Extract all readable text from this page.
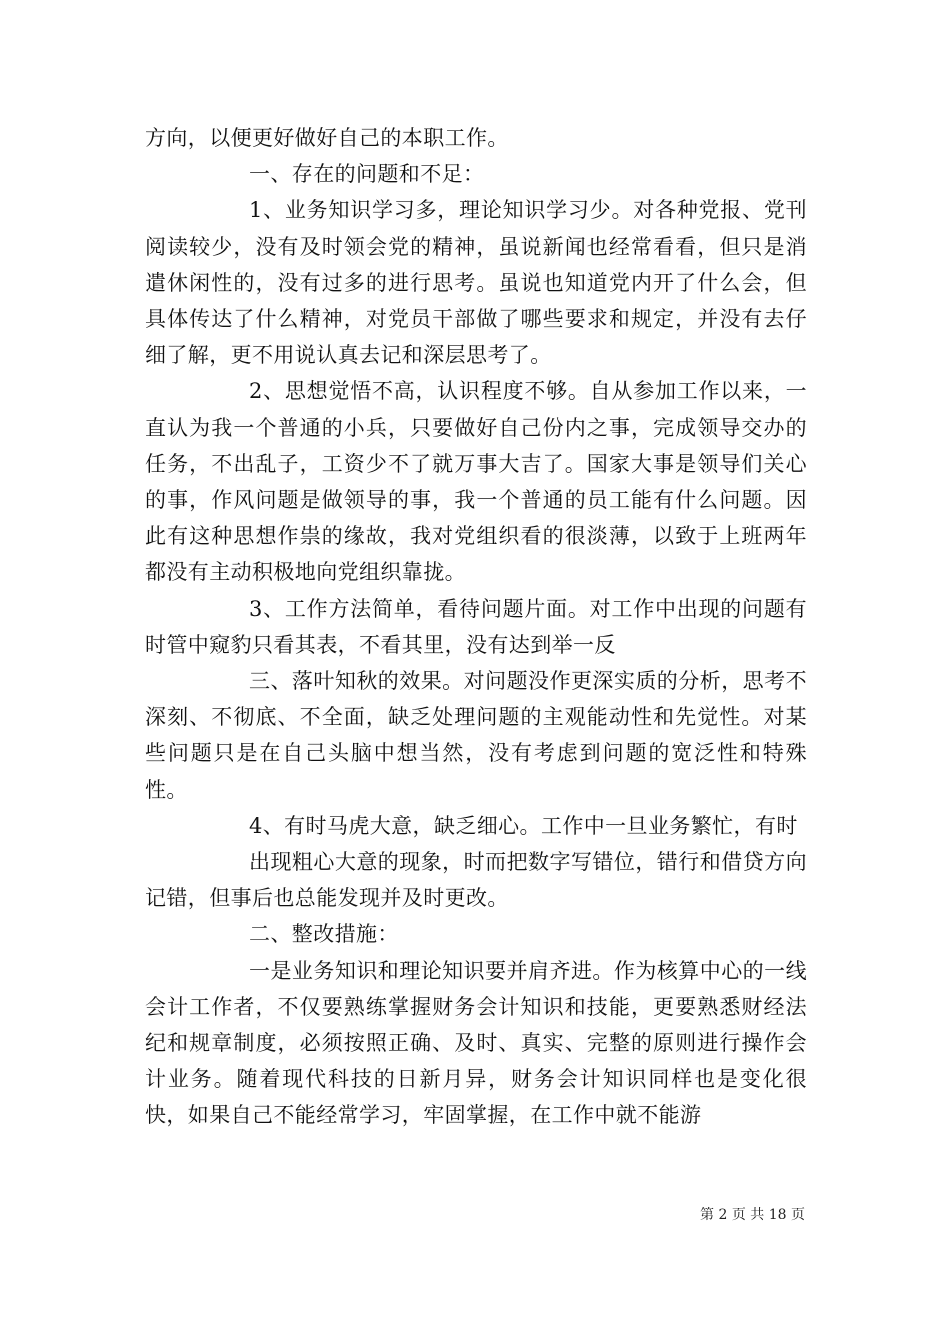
方向，以便更好做好自己的本职工作。

一、存在的问题和不足：

1、业务知识学习多，理论知识学习少。对各种党报、党刊阅读较少，没有及时领会党的精神，虽说新闻也经常看看，但只是消遣休闲性的，没有过多的进行思考。虽说也知道党内开了什么会，但具体传达了什么精神，对党员干部做了哪些要求和规定，并没有去仔细了解，更不用说认真去记和深层思考了。

2、思想觉悟不高，认识程度不够。自从参加工作以来，一直认为我一个普通的小兵，只要做好自己份内之事，完成领导交办的任务，不出乱子，工资少不了就万事大吉了。国家大事是领导们关心的事，作风问题是做领导的事，我一个普通的员工能有什么问题。因此有这种思想作祟的缘故，我对党组织看的很淡薄，以致于上班两年都没有主动积极地向党组织靠拢。

3、工作方法简单，看待问题片面。对工作中出现的问题有时管中窥豹只看其表，不看其里，没有达到举一反

三、落叶知秋的效果。对问题没作更深实质的分析，思考不深刻、不彻底、不全面，缺乏处理问题的主观能动性和先觉性。对某些问题只是在自己头脑中想当然，没有考虑到问题的宽泛性和特殊性。

4、有时马虎大意，缺乏细心。工作中一旦业务繁忙，有时

出现粗心大意的现象，时而把数字写错位，错行和借贷方向记错，但事后也总能发现并及时更改。

二、整改措施：

一是业务知识和理论知识要并肩齐进。作为核算中心的一线会计工作者，不仅要熟练掌握财务会计知识和技能，更要熟悉财经法纪和规章制度，必须按照正确、及时、真实、完整的原则进行操作会计业务。随着现代科技的日新月异，财务会计知识同样也是变化很快，如果自己不能经常学习，牢固掌握，在工作中就不能游

第 2 页 共 18 页
